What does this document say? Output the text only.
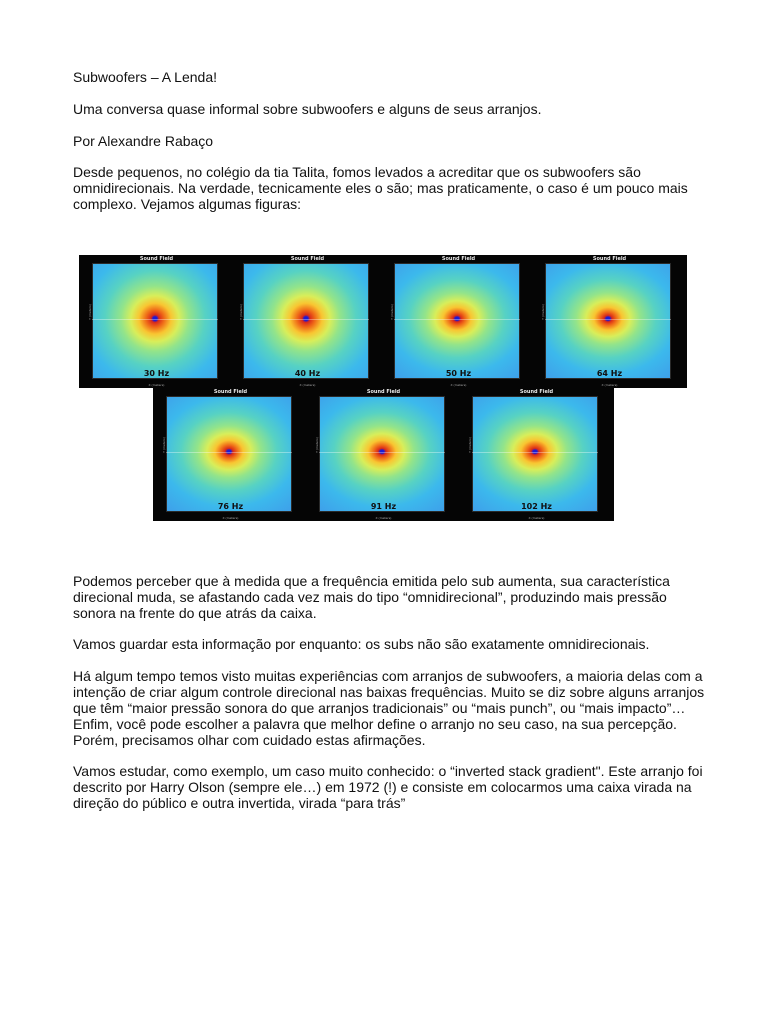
Subwoofers – A Lenda!
Uma conversa quase informal sobre subwoofers e alguns de seus arranjos.
Por Alexandre Rabaço
Desde pequenos, no colégio da tia Talita, fomos levados a acreditar que os subwoofers são omnidirecionais. Na verdade, tecnicamente eles o são; mas praticamente, o caso é um pouco mais complexo. Vejamos algumas figuras:
Sound Field
Y (meters)
30 Hz
X (meters)
Sound Field
Y (meters)
40 Hz
X (meters)
Sound Field
Y (meters)
50 Hz
X (meters)
Sound Field
Y (meters)
64 Hz
X (meters)
Sound Field
Y (meters)
76 Hz
X (meters)
Sound Field
Y (meters)
91 Hz
X (meters)
Sound Field
Y (meters)
102 Hz
X (meters)
Podemos perceber que à medida que a frequência emitida pelo sub aumenta, sua característica direcional muda, se afastando cada vez mais do tipo “omnidirecional”, produzindo mais pressão sonora na frente do que atrás da caixa.
Vamos guardar esta informação por enquanto: os subs não são exatamente omnidirecionais.
Há algum tempo temos visto muitas experiências com arranjos de subwoofers, a maioria delas com a intenção de criar algum controle direcional nas baixas frequências. Muito se diz sobre alguns arranjos que têm “maior pressão sonora do que arranjos tradicionais” ou “mais punch”, ou “mais impacto”… Enfim, você pode escolher a palavra que melhor define o arranjo no seu caso, na sua percepção. Porém, precisamos olhar com cuidado estas afirmações.
Vamos estudar, como exemplo, um caso muito conhecido: o “inverted stack gradient". Este arranjo foi descrito por Harry Olson (sempre ele…) em 1972 (!) e consiste em colocarmos uma caixa virada na direção do público e outra invertida, virada “para trás”
